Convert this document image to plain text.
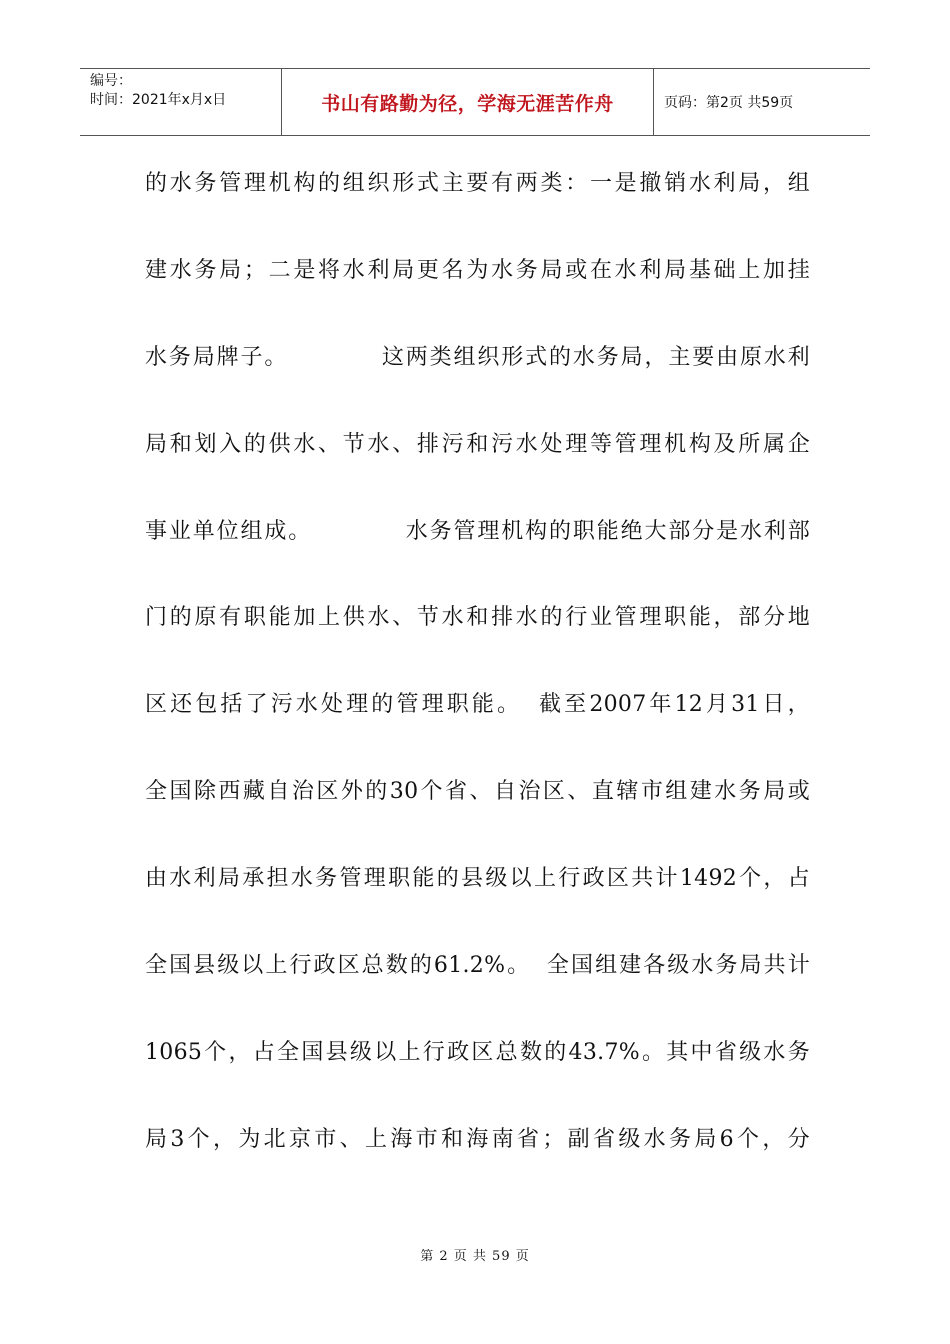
编号：
时间：2021年x月x日	书山有路勤为径，学海无涯苦作舟	页码：第2页 共59页
的水务管理机构的组织形式主要有两类：一是撤销水利局，组
建水务局；二是将水利局更名为水务局或在水利局基础上加挂
水务局牌子。	这两类组织形式的水务局，主要由原水利
局和划入的供水、节水、排污和污水处理等管理机构及所属企
事业单位组成。	水务管理机构的职能绝大部分是水利部
门的原有职能加上供水、节水和排水的行业管理职能，部分地
区还包括了污水处理的管理职能。 截至2007年12月31日，
全国除西藏自治区外的30个省、自治区、直辖市组建水务局或
由水利局承担水务管理职能的县级以上行政区共计1492个，占
全国县级以上行政区总数的61.2%。 全国组建各级水务局共计
1065个，占全国县级以上行政区总数的43.7%。其中省级水务
局3个，为北京市、上海市和海南省；副省级水务局6个，分
第 2 页 共 59 页
